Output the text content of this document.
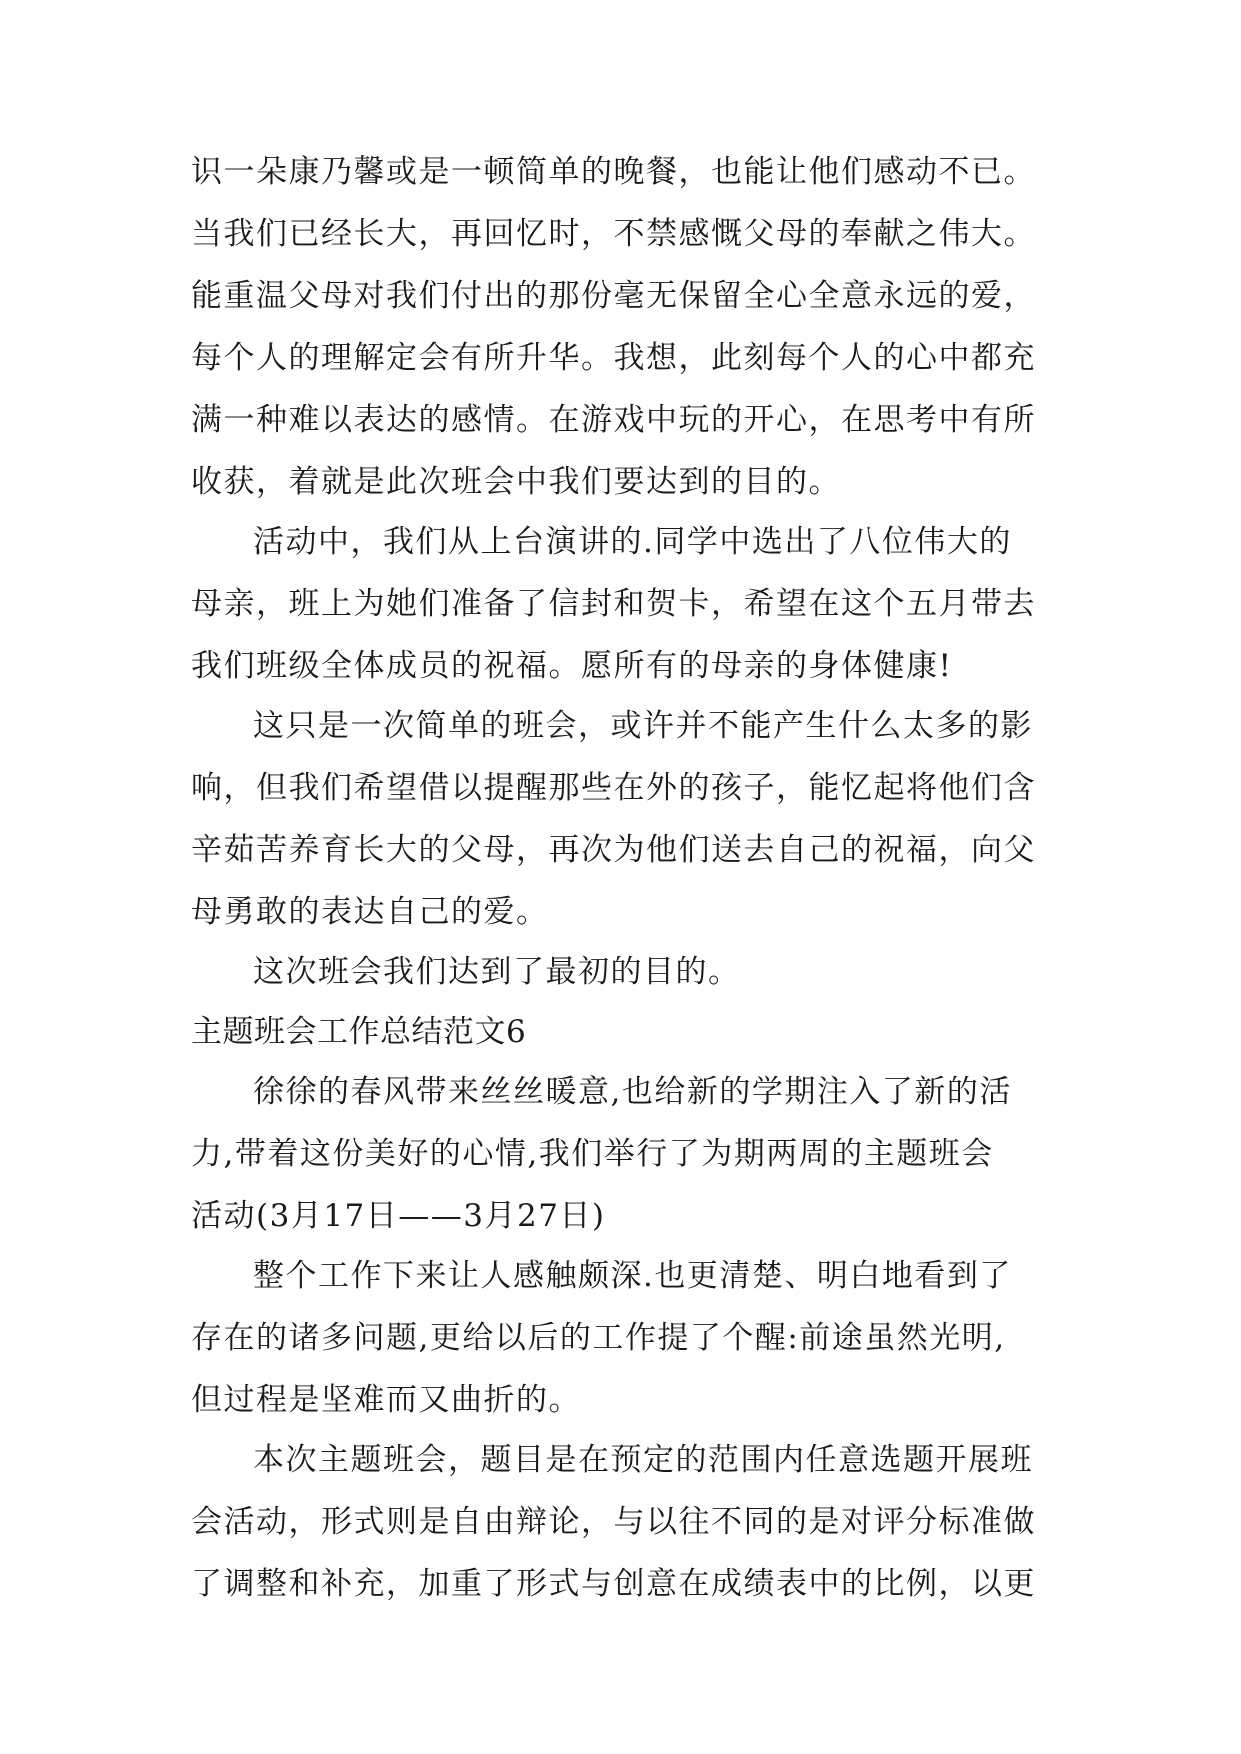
识一朵康乃馨或是一顿简单的晚餐，也能让他们感动不已。
当我们已经长大，再回忆时，不禁感慨父母的奉献之伟大。
能重温父母对我们付出的那份毫无保留全心全意永远的爱，
每个人的理解定会有所升华。我想，此刻每个人的心中都充
满一种难以表达的感情。在游戏中玩的开心，在思考中有所
收获，着就是此次班会中我们要达到的目的。
活动中，我们从上台演讲的.同学中选出了八位伟大的
母亲，班上为她们准备了信封和贺卡，希望在这个五月带去
我们班级全体成员的祝福。愿所有的母亲的身体健康!
这只是一次简单的班会，或许并不能产生什么太多的影
响，但我们希望借以提醒那些在外的孩子，能忆起将他们含
辛茹苦养育长大的父母，再次为他们送去自己的祝福，向父
母勇敢的表达自己的爱。
这次班会我们达到了最初的目的。
主题班会工作总结范文6
徐徐的春风带来丝丝暖意,也给新的学期注入了新的活
力,带着这份美好的心情,我们举行了为期两周的主题班会
活动(3月17日——3月27日)
整个工作下来让人感触颇深.也更清楚、明白地看到了
存在的诸多问题,更给以后的工作提了个醒:前途虽然光明,
但过程是坚难而又曲折的。
本次主题班会，题目是在预定的范围内任意选题开展班
会活动，形式则是自由辩论，与以往不同的是对评分标准做
了调整和补充，加重了形式与创意在成绩表中的比例，以更
